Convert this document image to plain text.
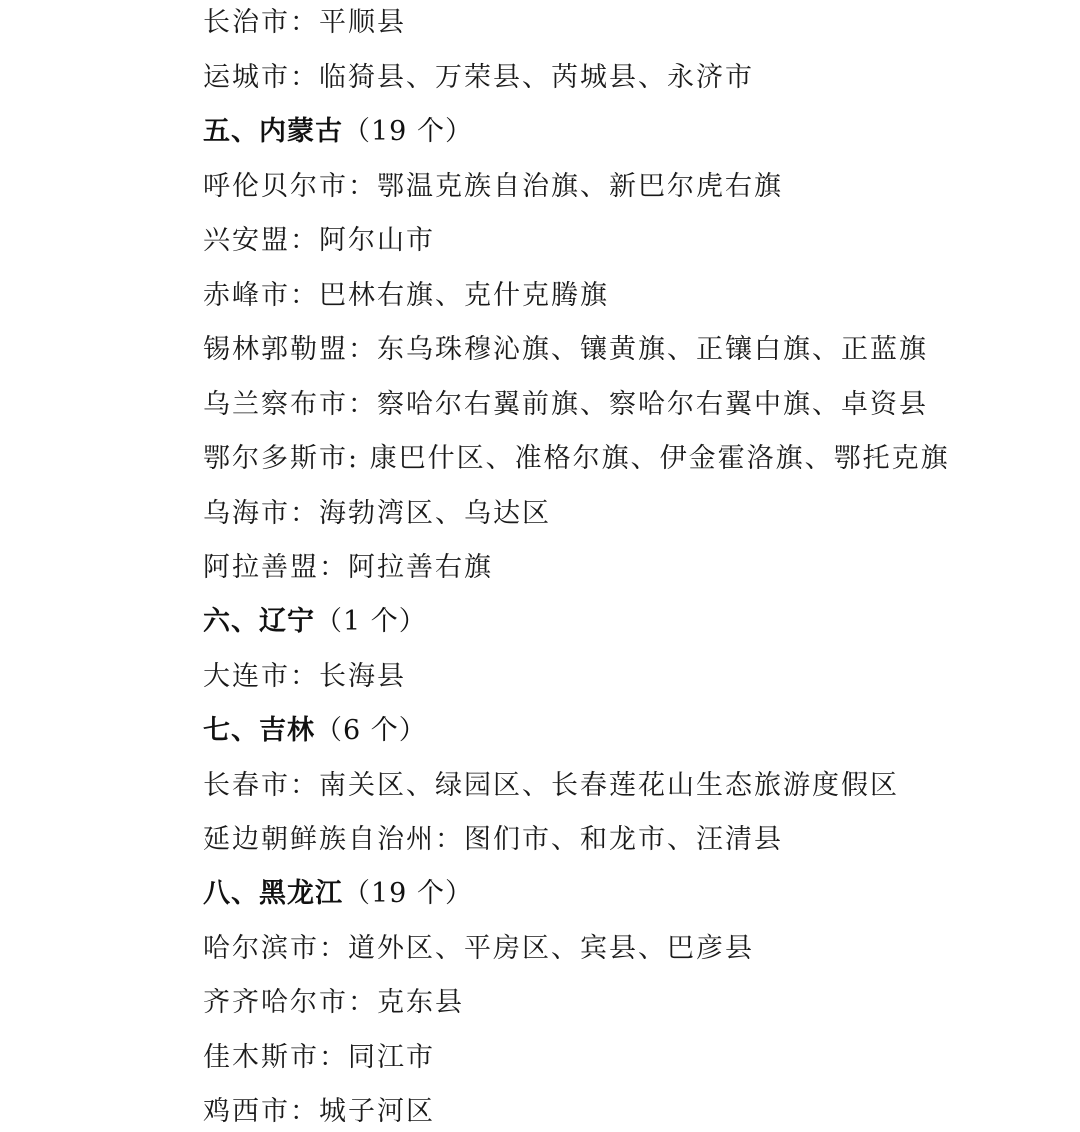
长治市：平顺县
运城市：临猗县、万荣县、芮城县、永济市
五、内蒙古（19 个）
呼伦贝尔市：鄂温克族自治旗、新巴尔虎右旗
兴安盟：阿尔山市
赤峰市：巴林右旗、克什克腾旗
锡林郭勒盟：东乌珠穆沁旗、镶黄旗、正镶白旗、正蓝旗
乌兰察布市：察哈尔右翼前旗、察哈尔右翼中旗、卓资县
鄂尔多斯市: 康巴什区、准格尔旗、伊金霍洛旗、鄂托克旗
乌海市：海勃湾区、乌达区
阿拉善盟：阿拉善右旗
六、辽宁（1 个）
大连市：长海县
七、吉林（6 个）
长春市：南关区、绿园区、长春莲花山生态旅游度假区
延边朝鲜族自治州：图们市、和龙市、汪清县
八、黑龙江（19 个）
哈尔滨市：道外区、平房区、宾县、巴彦县
齐齐哈尔市：克东县
佳木斯市：同江市
鸡西市：城子河区
